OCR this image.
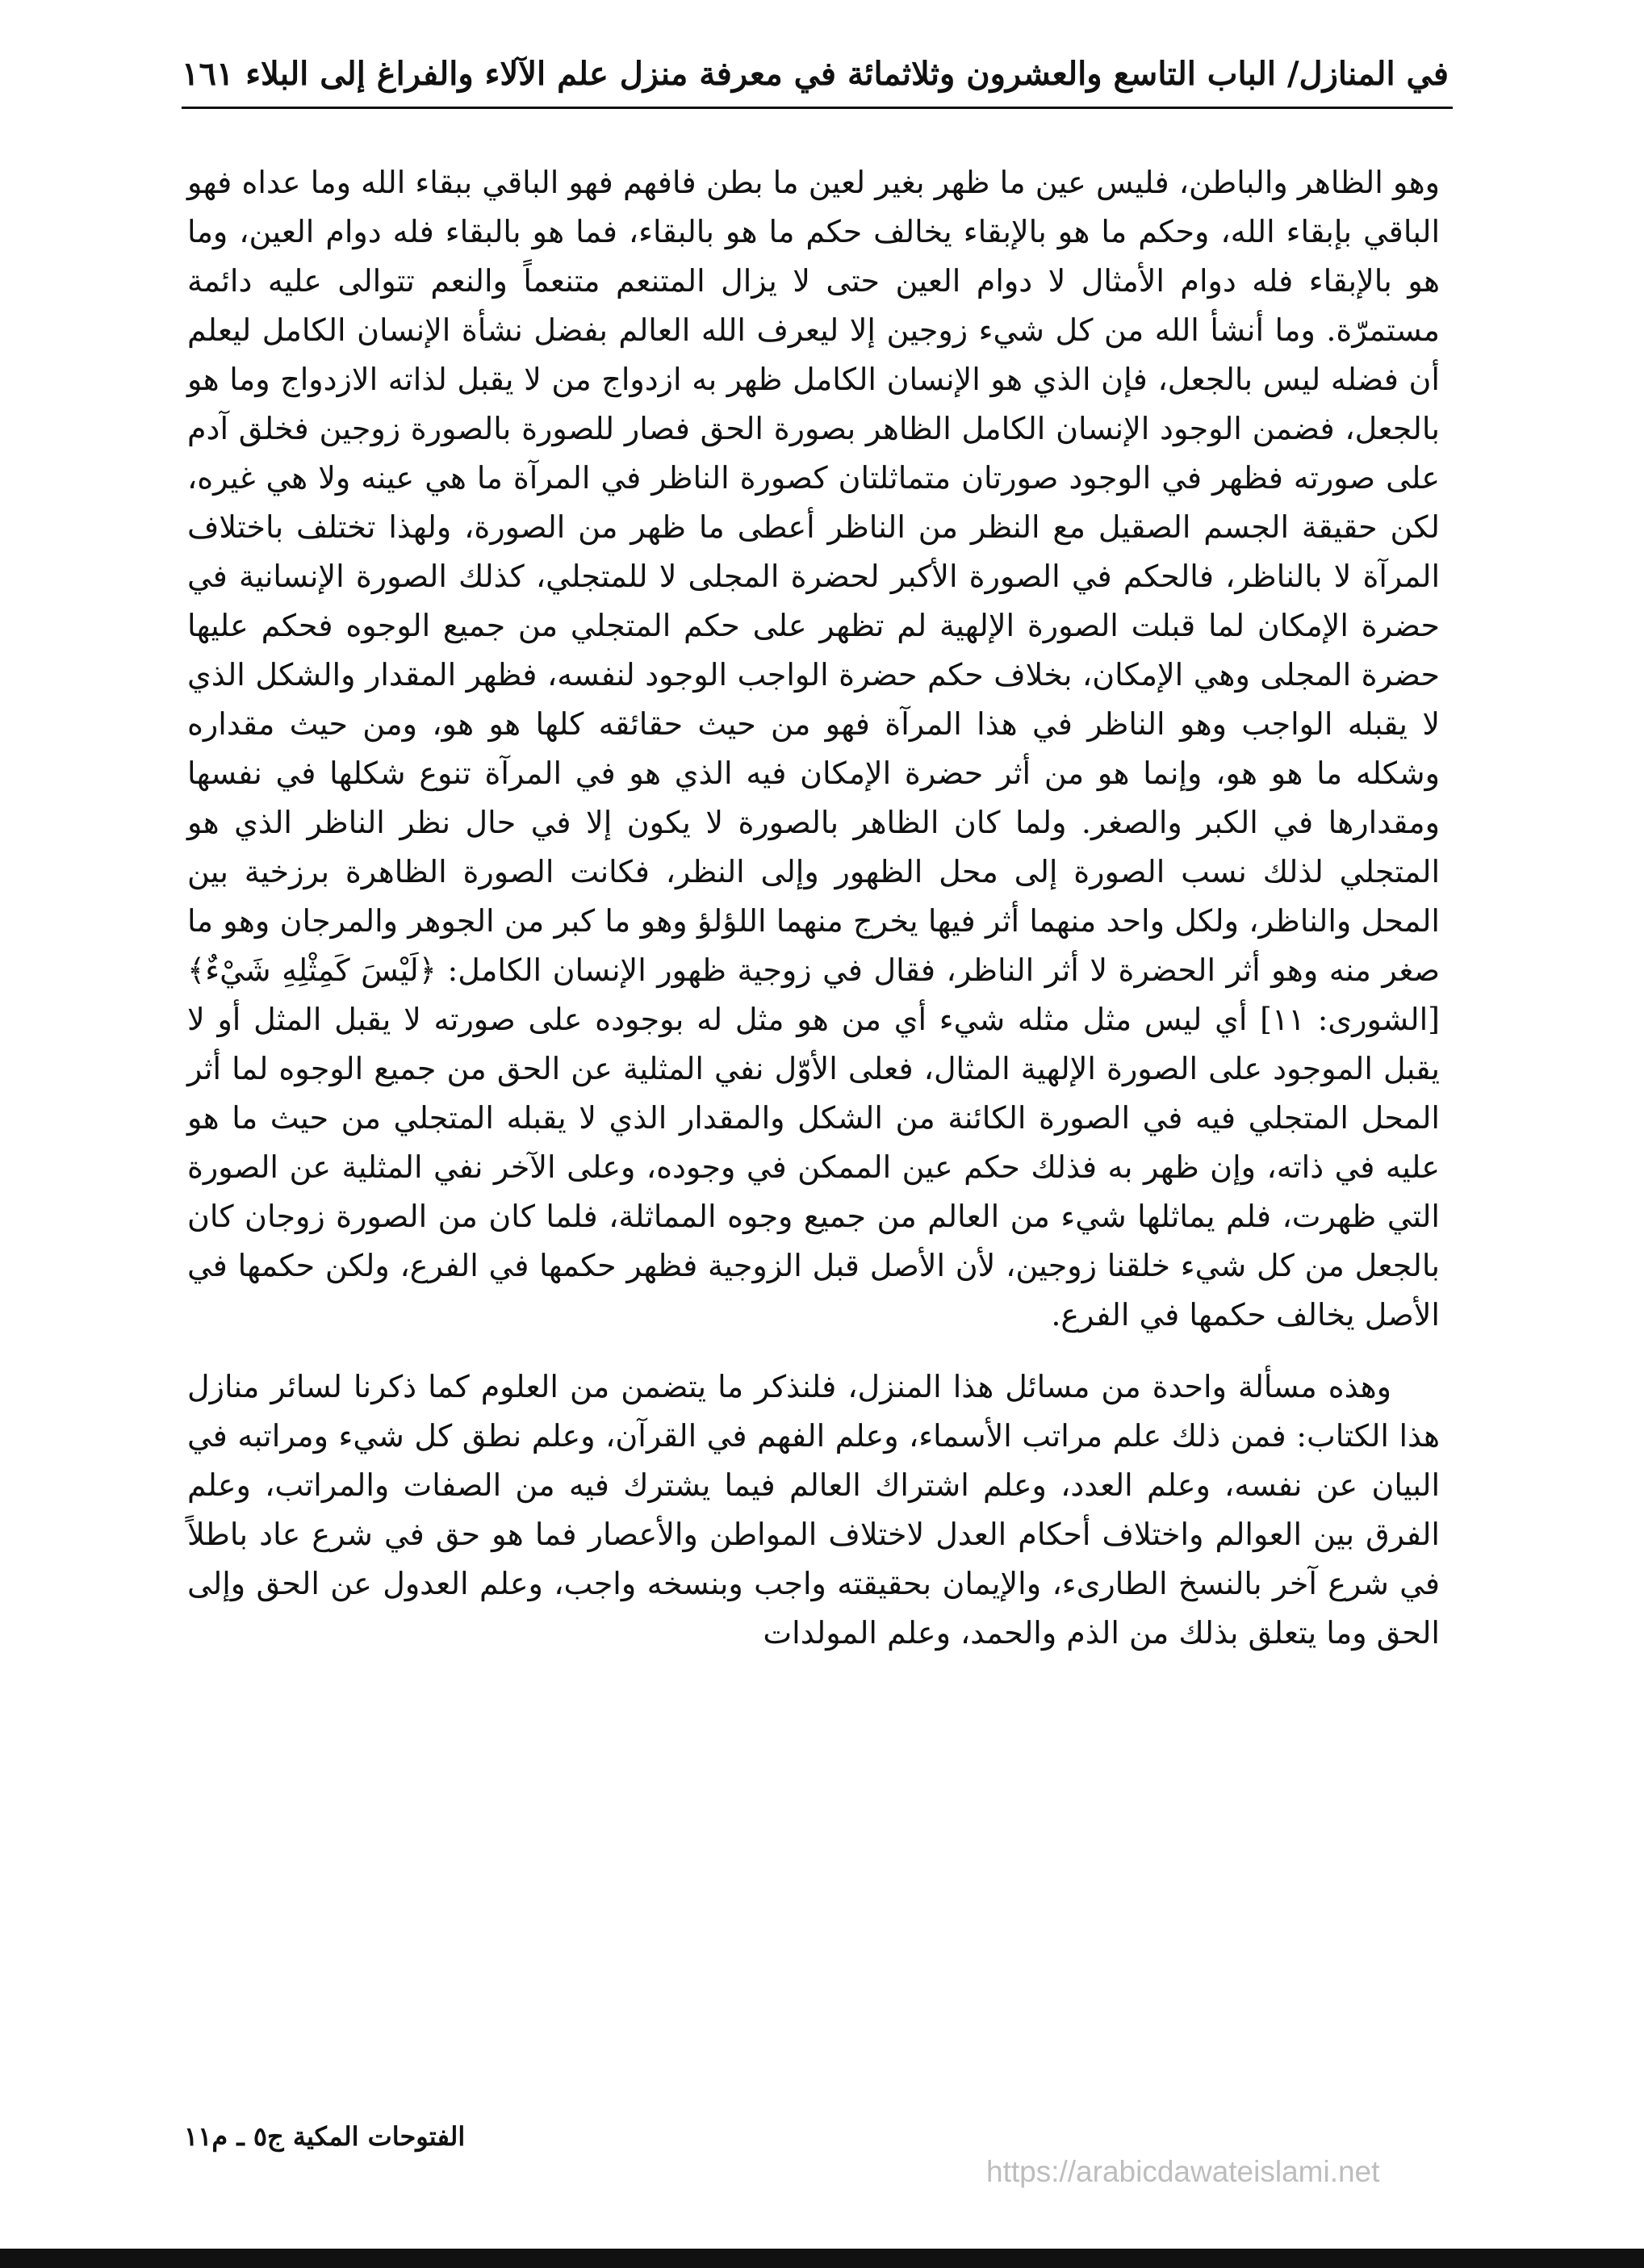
في المنازل/ الباب التاسع والعشرون وثلاثمائة في معرفة منزل علم الآلاء والفراغ إلى البلاء
١٦١

وهو الظاهر والباطن، فليس عين ما ظهر بغير لعين ما بطن فافهم فهو الباقي ببقاء الله وما عداه فهو الباقي بإبقاء الله، وحكم ما هو بالإبقاء يخالف حكم ما هو بالبقاء، فما هو بالبقاء فله دوام العين، وما هو بالإبقاء فله دوام الأمثال لا دوام العين حتى لا يزال المتنعم متنعماً والنعم تتوالى عليه دائمة مستمرّة. وما أنشأ الله من كل شيء زوجين إلا ليعرف الله العالم بفضل نشأة الإنسان الكامل ليعلم أن فضله ليس بالجعل، فإن الذي هو الإنسان الكامل ظهر به ازدواج من لا يقبل لذاته الازدواج وما هو بالجعل، فضمن الوجود الإنسان الكامل الظاهر بصورة الحق فصار للصورة بالصورة زوجين فخلق آدم على صورته فظهر في الوجود صورتان متماثلتان كصورة الناظر في المرآة ما هي عينه ولا هي غيره، لكن حقيقة الجسم الصقيل مع النظر من الناظر أعطى ما ظهر من الصورة، ولهذا تختلف باختلاف المرآة لا بالناظر، فالحكم في الصورة الأكبر لحضرة المجلى لا للمتجلي، كذلك الصورة الإنسانية في حضرة الإمكان لما قبلت الصورة الإلهية لم تظهر على حكم المتجلي من جميع الوجوه فحكم عليها حضرة المجلى وهي الإمكان، بخلاف حكم حضرة الواجب الوجود لنفسه، فظهر المقدار والشكل الذي لا يقبله الواجب وهو الناظر في هذا المرآة فهو من حيث حقائقه كلها هو هو، ومن حيث مقداره وشكله ما هو هو، وإنما هو من أثر حضرة الإمكان فيه الذي هو في المرآة تنوع شكلها في نفسها ومقدارها في الكبر والصغر. ولما كان الظاهر بالصورة لا يكون إلا في حال نظر الناظر الذي هو المتجلي لذلك نسب الصورة إلى محل الظهور وإلى النظر، فكانت الصورة الظاهرة برزخية بين المحل والناظر، ولكل واحد منهما أثر فيها يخرج منهما اللؤلؤ وهو ما كبر من الجوهر والمرجان وهو ما صغر منه وهو أثر الحضرة لا أثر الناظر، فقال في زوجية ظهور الإنسان الكامل: ﴿لَيْسَ كَمِثْلِهِ شَيْءٌ﴾ [الشورى: ١١] أي ليس مثل مثله شيء أي من هو مثل له بوجوده على صورته لا يقبل المثل أو لا يقبل الموجود على الصورة الإلهية المثال، فعلى الأوّل نفي المثلية عن الحق من جميع الوجوه لما أثر المحل المتجلي فيه في الصورة الكائنة من الشكل والمقدار الذي لا يقبله المتجلي من حيث ما هو عليه في ذاته، وإن ظهر به فذلك حكم عين الممكن في وجوده، وعلى الآخر نفي المثلية عن الصورة التي ظهرت، فلم يماثلها شيء من العالم من جميع وجوه المماثلة، فلما كان من الصورة زوجان كان بالجعل من كل شيء خلقنا زوجين، لأن الأصل قبل الزوجية فظهر حكمها في الفرع، ولكن حكمها في الأصل يخالف حكمها في الفرع.

وهذه مسألة واحدة من مسائل هذا المنزل، فلنذكر ما يتضمن من العلوم كما ذكرنا لسائر منازل هذا الكتاب: فمن ذلك علم مراتب الأسماء، وعلم الفهم في القرآن، وعلم نطق كل شيء ومراتبه في البيان عن نفسه، وعلم العدد، وعلم اشتراك العالم فيما يشترك فيه من الصفات والمراتب، وعلم الفرق بين العوالم واختلاف أحكام العدل لاختلاف المواطن والأعصار فما هو حق في شرع عاد باطلاً في شرع آخر بالنسخ الطارىء، والإيمان بحقيقته واجب وبنسخه واجب، وعلم العدول عن الحق وإلى الحق وما يتعلق بذلك من الذم والحمد، وعلم المولدات

الفتوحات المكية ج٥ ـ م١١
https://arabicdawateislami.net
